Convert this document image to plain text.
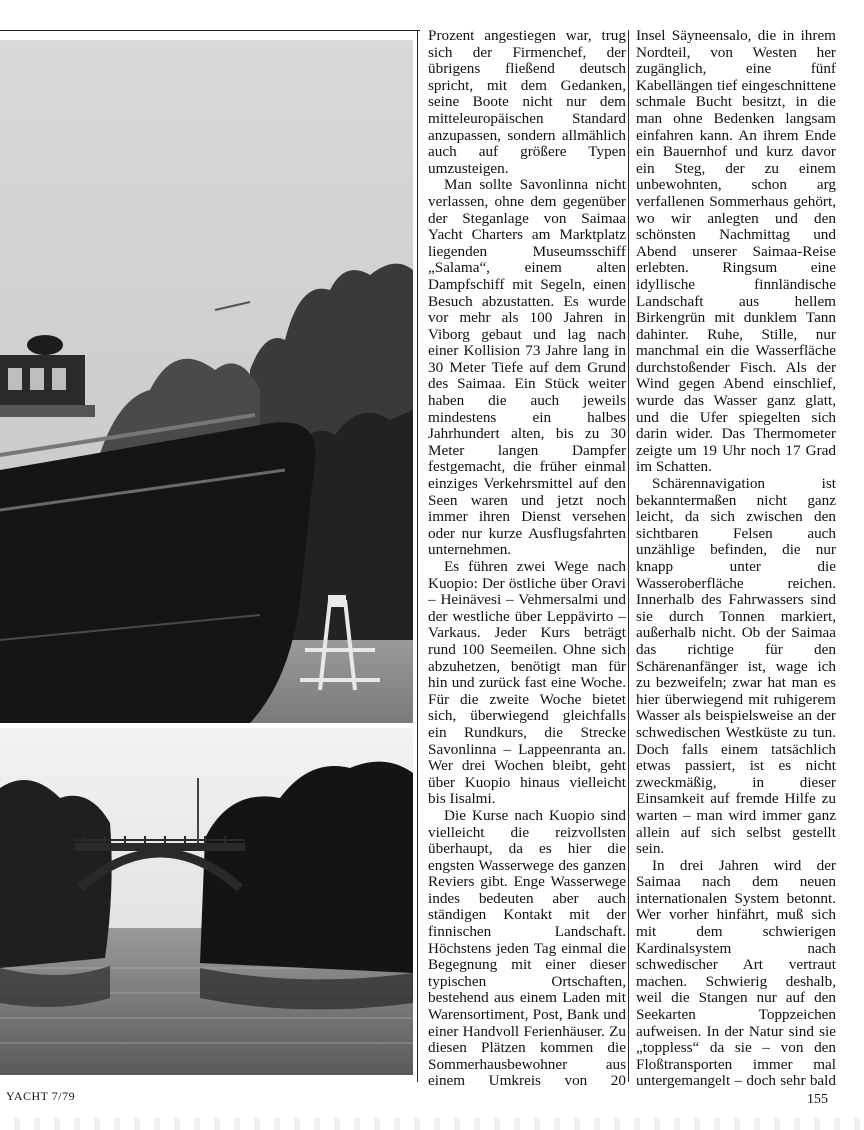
Prozent angestiegen war, trug sich der Firmenchef, der übrigens fließend deutsch spricht, mit dem Gedanken, seine Boote nicht nur dem mitteleuropäischen Standard anzupassen, sondern allmählich auch auf größere Typen umzusteigen.

Man sollte Savonlinna nicht verlassen, ohne dem gegenüber der Steganlage von Saimaa Yacht Charters am Marktplatz liegenden Museumsschiff „Salama“, einem alten Dampfschiff mit Segeln, einen Besuch abzustatten. Es wurde vor mehr als 100 Jahren in Viborg gebaut und lag nach einer Kollision 73 Jahre lang in 30 Meter Tiefe auf dem Grund des Saimaa. Ein Stück weiter haben die auch jeweils mindestens ein halbes Jahrhundert alten, bis zu 30 Meter langen Dampfer festgemacht, die früher einmal einziges Verkehrsmittel auf den Seen waren und jetzt noch immer ihren Dienst versehen oder nur kurze Ausflugsfahrten unternehmen.

Es führen zwei Wege nach Kuopio: Der östliche über Oravi – Heinävesi – Vehmersalmi und der westliche über Leppävirto – Varkaus. Jeder Kurs beträgt rund 100 Seemeilen. Ohne sich abzuhetzen, benötigt man für hin und zurück fast eine Woche. Für die zweite Woche bietet sich, überwiegend gleichfalls ein Rundkurs, die Strecke Savonlinna – Lappeenranta an. Wer drei Wochen bleibt, geht über Kuopio hinaus vielleicht bis Iisalmi.

Die Kurse nach Kuopio sind vielleicht die reizvollsten überhaupt, da es hier die engsten Wasserwege des ganzen Reviers gibt. Enge Wasserwege indes bedeuten aber auch ständigen Kontakt mit der finnischen Landschaft. Höchstens jeden Tag einmal die Begegnung mit einer dieser typischen Ortschaften, bestehend aus einem Laden mit Warensortiment, Post, Bank und einer Handvoll Ferienhäuser. Zu diesen Plätzen kommen die Sommerhausbewohner aus einem Umkreis von 20

Insel Säyneensalo, die in ihrem Nordteil, von Westen her zugänglich, eine fünf Kabellängen tief eingeschnittene schmale Bucht besitzt, in die man ohne Bedenken langsam einfahren kann. An ihrem Ende ein Bauernhof und kurz davor ein Steg, der zu einem unbewohnten, schon arg verfallenen Sommerhaus gehört, wo wir anlegten und den schönsten Nachmittag und Abend unserer Saimaa-Reise erlebten. Ringsum eine idyllische finnländische Landschaft aus hellem Birkengrün mit dunklem Tann dahinter. Ruhe, Stille, nur manchmal ein die Wasserfläche durchstoßender Fisch. Als der Wind gegen Abend einschlief, wurde das Wasser ganz glatt, und die Ufer spiegelten sich darin wider. Das Thermometer zeigte um 19 Uhr noch 17 Grad im Schatten.

Schärennavigation ist bekanntermaßen nicht ganz leicht, da sich zwischen den sichtbaren Felsen auch unzählige befinden, die nur knapp unter die Wasseroberfläche reichen. Innerhalb des Fahrwassers sind sie durch Tonnen markiert, außerhalb nicht. Ob der Saimaa das richtige für den Schärenanfänger ist, wage ich zu bezweifeln; zwar hat man es hier überwiegend mit ruhigerem Wasser als beispielsweise an der schwedischen Westküste zu tun. Doch falls einem tatsächlich etwas passiert, ist es nicht zweckmäßig, in dieser Einsamkeit auf fremde Hilfe zu warten – man wird immer ganz allein auf sich selbst gestellt sein.

In drei Jahren wird der Saimaa nach dem neuen internationalen System betonnt. Wer vorher hinfährt, muß sich mit dem schwierigen Kardinalsystem nach schwedischer Art vertraut machen. Schwierig deshalb, weil die Stangen nur auf den Seekarten Toppzeichen aufweisen. In der Natur sind sie „toppless“ da sie – von den Floßtransporten immer mal untergemangelt – doch sehr bald

YACHT 7/79	155
